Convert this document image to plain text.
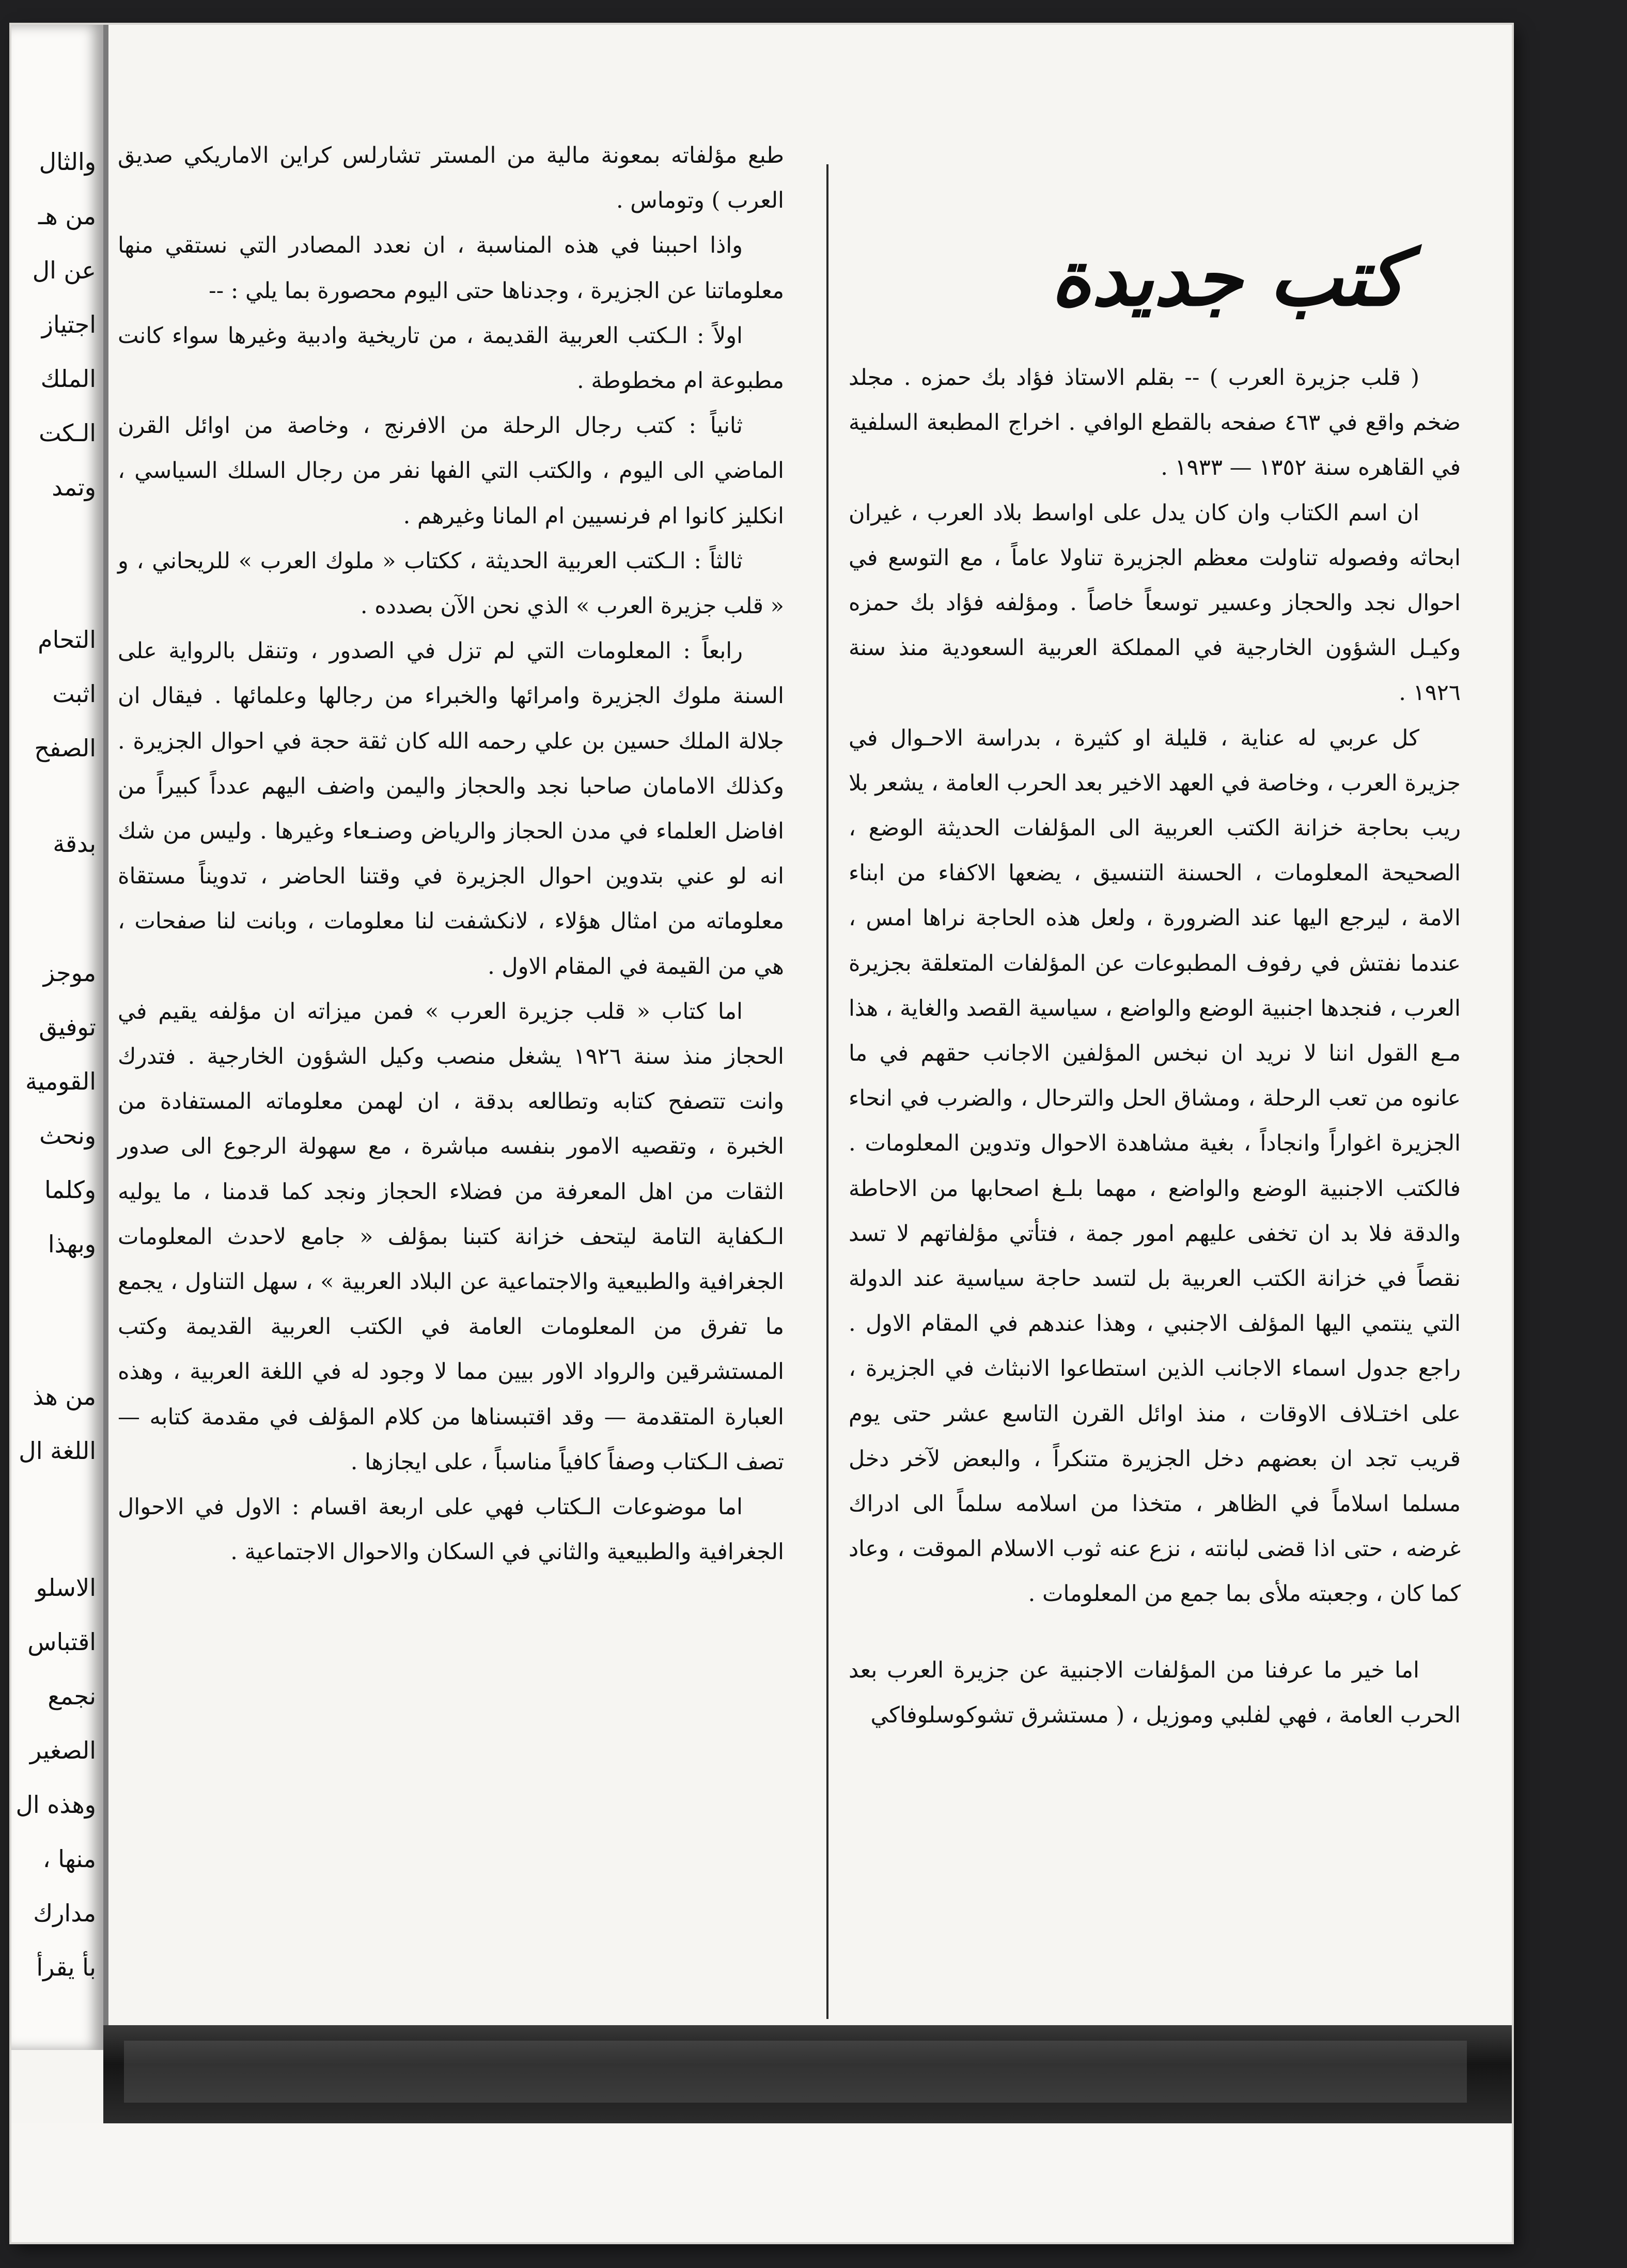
والثال
من هـ
عن ال
اجتياز
الملك
الـكت
وتمد
التحام
اثبت
الصفح
بدقة
موجز
توفيق
القومية
ونحث
وكلما
وبهذا
من هذ
اللغة ال
الاسلو
اقتباس
نجمع
الصغير
وهذه ال
منها ،
مدارك
بأ يقرأ

طبع مؤلفاته بمعونة مالية من المستر تشارلس كراين الاماريكي صديق العرب ) وتوماس .

واذا احببنا في هذه المناسبة ، ان نعدد المصادر التي نستقي منها معلوماتنا عن الجزيرة ، وجدناها حتى اليوم محصورة بما يلي : --

اولاً : الـكتب العربية القديمة ، من تاريخية وادبية وغيرها سواء كانت مطبوعة ام مخطوطة .

ثانياً : كتب رجال الرحلة من الافرنج ، وخاصة من اوائل القرن الماضي الى اليوم ، والكتب التي الفها نفر من رجال السلك السياسي ، انكليز كانوا ام فرنسيين ام المانا وغيرهم .

ثالثاً : الـكتب العربية الحديثة ، ككتاب « ملوك العرب » للريحاني ، و « قلب جزيرة العرب » الذي نحن الآن بصدده .

رابعاً : المعلومات التي لم تزل في الصدور ، وتنقل بالرواية على السنة ملوك الجزيرة وامرائها والخبراء من رجالها وعلمائها . فيقال ان جلالة الملك حسين بن علي رحمه الله كان ثقة حجة في احوال الجزيرة . وكذلك الامامان صاحبا نجد والحجاز واليمن واضف اليهم عدداً كبيراً من افاضل العلماء في مدن الحجاز والرياض وصنـعاء وغيرها . وليس من شك انه لو عني بتدوين احوال الجزيرة في وقتنا الحاضر ، تدويناً مستقاة معلوماته من امثال هؤلاء ، لانكشفت لنا معلومات ، وبانت لنا صفحات ، هي من القيمة في المقام الاول .

اما كتاب « قلب جزيرة العرب » فمن ميزاته ان مؤلفه يقيم في الحجاز منذ سنة ١٩٢٦ يشغل منصب وكيل الشؤون الخارجية . فتدرك وانت تتصفح كتابه وتطالعه بدقة ، ان لهمن معلوماته المستفادة من الخبرة ، وتقصيه الامور بنفسه مباشرة ، مع سهولة الرجوع الى صدور الثقات من اهل المعرفة من فضلاء الحجاز ونجد كما قدمنا ، ما يوليه الـكفاية التامة ليتحف خزانة كتبنا بمؤلف « جامع لاحدث المعلومات الجغرافية والطبيعية والاجتماعية عن البلاد العربية » ، سهل التناول ، يجمع ما تفرق من المعلومات العامة في الكتب العربية القديمة وكتب المستشرقين والرواد الاور بيين مما لا وجود له في اللغة العربية ، وهذه العبارة المتقدمة — وقد اقتبسناها من كلام المؤلف في مقدمة كتابه — تصف الـكتاب وصفاً كافياً مناسباً ، على ايجازها .

اما موضوعات الـكتاب فهي على اربعة اقسام : الاول في الاحوال الجغرافية والطبيعية والثاني في السكان والاحوال الاجتماعية .

كتب جديدة

( قلب جزيرة العرب ) -- بقلم الاستاذ فؤاد بك حمزه . مجلد ضخم واقع في ٤٦٣ صفحه بالقطع الوافي . اخراج المطبعة السلفية في القاهره سنة ١٣٥٢ — ١٩٣٣ .

ان اسم الكتاب وان كان يدل على اواسط بلاد العرب ، غيران ابحاثه وفصوله تناولت معظم الجزيرة تناولا عاماً ، مع التوسع في احوال نجد والحجاز وعسير توسعاً خاصاً . ومؤلفه فؤاد بك حمزه وكيـل الشؤون الخارجية في المملكة العربية السعودية منذ سنة ١٩٢٦ .

كل عربي له عناية ، قليلة او كثيرة ، بدراسة الاحـوال في جزيرة العرب ، وخاصة في العهد الاخير بعد الحرب العامة ، يشعر بلا ريب بحاجة خزانة الكتب العربية الى المؤلفات الحديثة الوضع ، الصحيحة المعلومات ، الحسنة التنسيق ، يضعها الاكفاء من ابناء الامة ، ليرجع اليها عند الضرورة ، ولعل هذه الحاجة نراها امس ، عندما نفتش في رفوف المطبوعات عن المؤلفات المتعلقة بجزيرة العرب ، فنجدها اجنبية الوضع والواضع ، سياسية القصد والغاية ، هذا مـع القول اننا لا نريد ان نبخس المؤلفين الاجانب حقهم في ما عانوه من تعب الرحلة ، ومشاق الحل والترحال ، والضرب في انحاء الجزيرة اغواراً وانجاداً ، بغية مشاهدة الاحوال وتدوين المعلومات . فالكتب الاجنبية الوضع والواضع ، مهما بلـغ اصحابها من الاحاطة والدقة فلا بد ان تخفى عليهم امور جمة ، فتأتي مؤلفاتهم لا تسد نقصاً في خزانة الكتب العربية بل لتسد حاجة سياسية عند الدولة التي ينتمي اليها المؤلف الاجنبي ، وهذا عندهم في المقام الاول . راجع جدول اسماء الاجانب الذين استطاعوا الانبثاث في الجزيرة ، على اختـلاف الاوقات ، منذ اوائل القرن التاسع عشر حتى يوم قريب تجد ان بعضهم دخل الجزيرة متنكراً ، والبعض لآخر دخل مسلما اسلاماً في الظاهر ، متخذا من اسلامه سلماً الى ادراك غرضه ، حتى اذا قضى لبانته ، نزع عنه ثوب الاسلام الموقت ، وعاد كما كان ، وجعبته ملأى بما جمع من المعلومات .

اما خير ما عرفنا من المؤلفات الاجنبية عن جزيرة العرب بعد الحرب العامة ، فهي لفلبي وموزيل ، ( مستشرق تشوكوسلوفاكي
